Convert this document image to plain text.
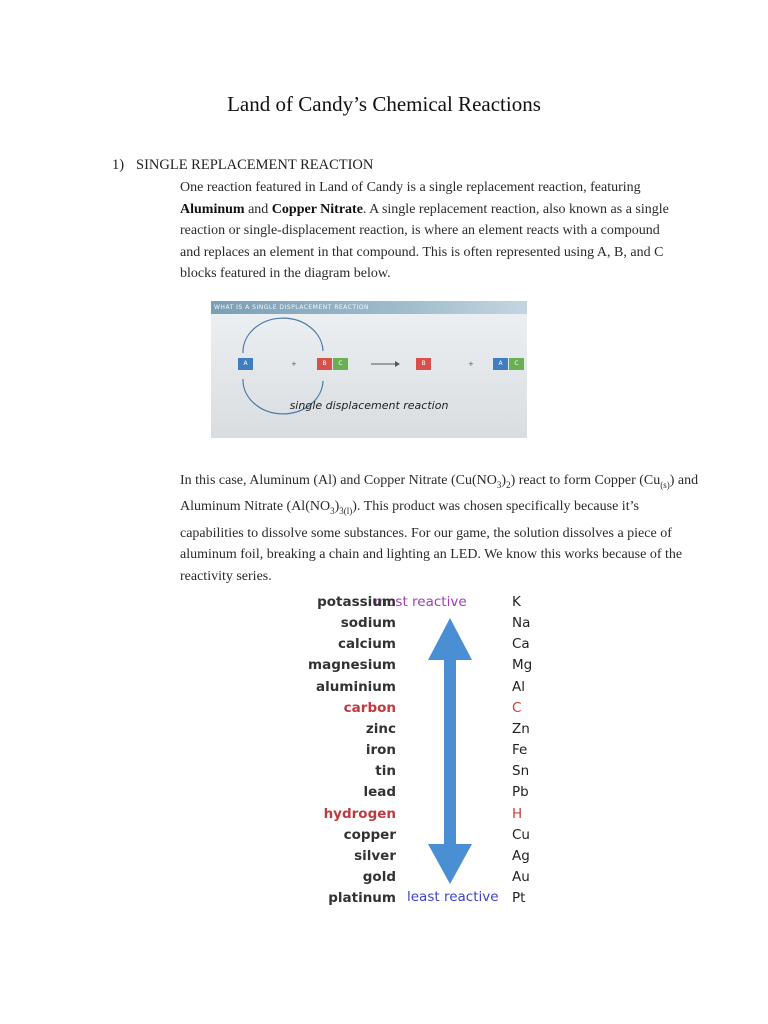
Land of Candy’s Chemical Reactions
1) SINGLE REPLACEMENT REACTION
One reaction featured in Land of Candy is a single replacement reaction, featuring Aluminum and Copper Nitrate. A single replacement reaction, also known as a single reaction or single-displacement reaction, is where an element reacts with a compound and replaces an element in that compound. This is often represented using A, B, and C blocks featured in the diagram below.
WHAT IS A SINGLE DISPLACEMENT REACTION
A	+	B	C	B	+	A	C
single displacement reaction
In this case, Aluminum (Al) and Copper Nitrate $(Cu(NO_3)_2)$ react to form Copper $(Cu_{(s)})$ and Aluminum Nitrate $(Al(NO_3)_{3(l)})$. This product was chosen specifically because it’s capabilities to dissolve some substances. For our game, the solution dissolves a piece of aluminum foil, breaking a chain and lighting an LED. We know this works because of the reactivity series.
most reactive
least reactive
potassium	K
sodium	Na
calcium	Ca
magnesium	Mg
aluminium	Al
carbon	C
zinc	Zn
iron	Fe
tin	Sn
lead	Pb
hydrogen	H
copper	Cu
silver	Ag
gold	Au
platinum	Pt
